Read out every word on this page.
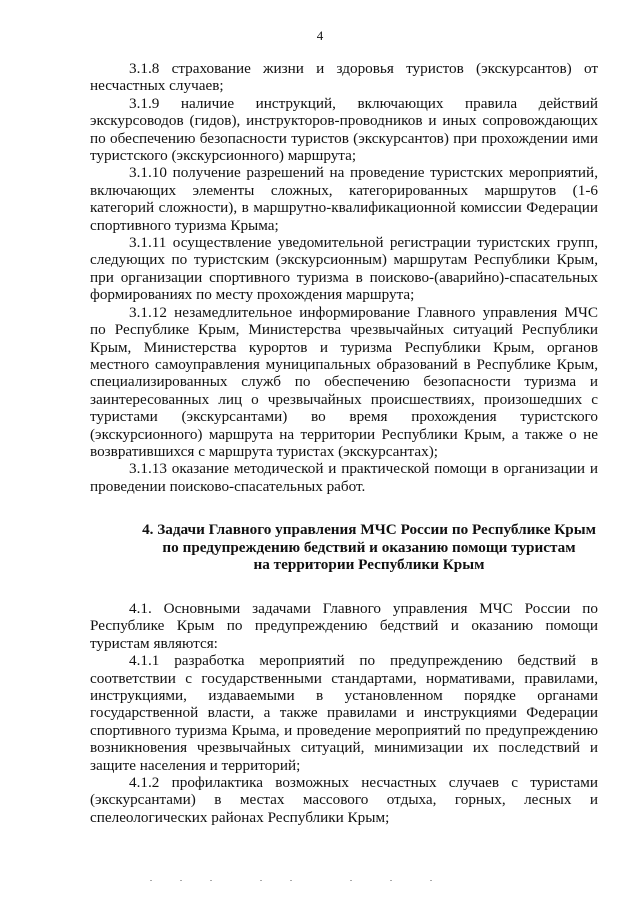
4

3.1.8 страхование жизни и здоровья туристов (экскурсантов) от несчастных случаев;

3.1.9 наличие инструкций, включающих правила действий экскурсоводов (гидов), инструкторов-проводников и иных сопровождающих по обеспечению безопасности туристов (экскурсантов) при прохождении ими туристского (экскурсионного) маршрута;

3.1.10 получение разрешений на проведение туристских мероприятий, включающих элементы сложных, категорированных маршрутов (1-6 категорий сложности), в маршрутно-квалификационной комиссии Федерации спортивного туризма Крыма;

3.1.11 осуществление уведомительной регистрации туристских групп, следующих по туристским (экскурсионным) маршрутам Республики Крым, при организации спортивного туризма в поисково-(аварийно)-спасательных формированиях по месту прохождения маршрута;

3.1.12 незамедлительное информирование Главного управления МЧС по Республике Крым, Министерства чрезвычайных ситуаций Республики Крым, Министерства курортов и туризма Республики Крым, органов местного самоуправления муниципальных образований в Республике Крым, специализированных служб по обеспечению безопасности туризма и заинтересованных лиц о чрезвычайных происшествиях, произошедших с туристами (экскурсантами) во время прохождения туристского (экскурсионного) маршрута на территории Республики Крым, а также о не возвратившихся с маршрута туристах (экскурсантах);

3.1.13 оказание методической и практической помощи в организации и проведении поисково-спасательных работ.

4. Задачи Главного управления МЧС России по Республике Крым
по предупреждению бедствий и оказанию помощи туристам
на территории Республики Крым

4.1. Основными задачами Главного управления МЧС России по Республике Крым по предупреждению бедствий и оказанию помощи туристам являются:

4.1.1 разработка мероприятий по предупреждению бедствий в соответствии с государственными стандартами, нормативами, правилами, инструкциями, издаваемыми в установленном порядке органами государственной власти, а также правилами и инструкциями Федерации спортивного туризма Крыма, и проведение мероприятий по предупреждению возникновения чрезвычайных ситуаций, минимизации их последствий и защите населения и территорий;

4.1.2 профилактика возможных несчастных случаев с туристами (экскурсантами) в местах массового отдыха, горных, лесных и спелеологических районах Республики Крым;
